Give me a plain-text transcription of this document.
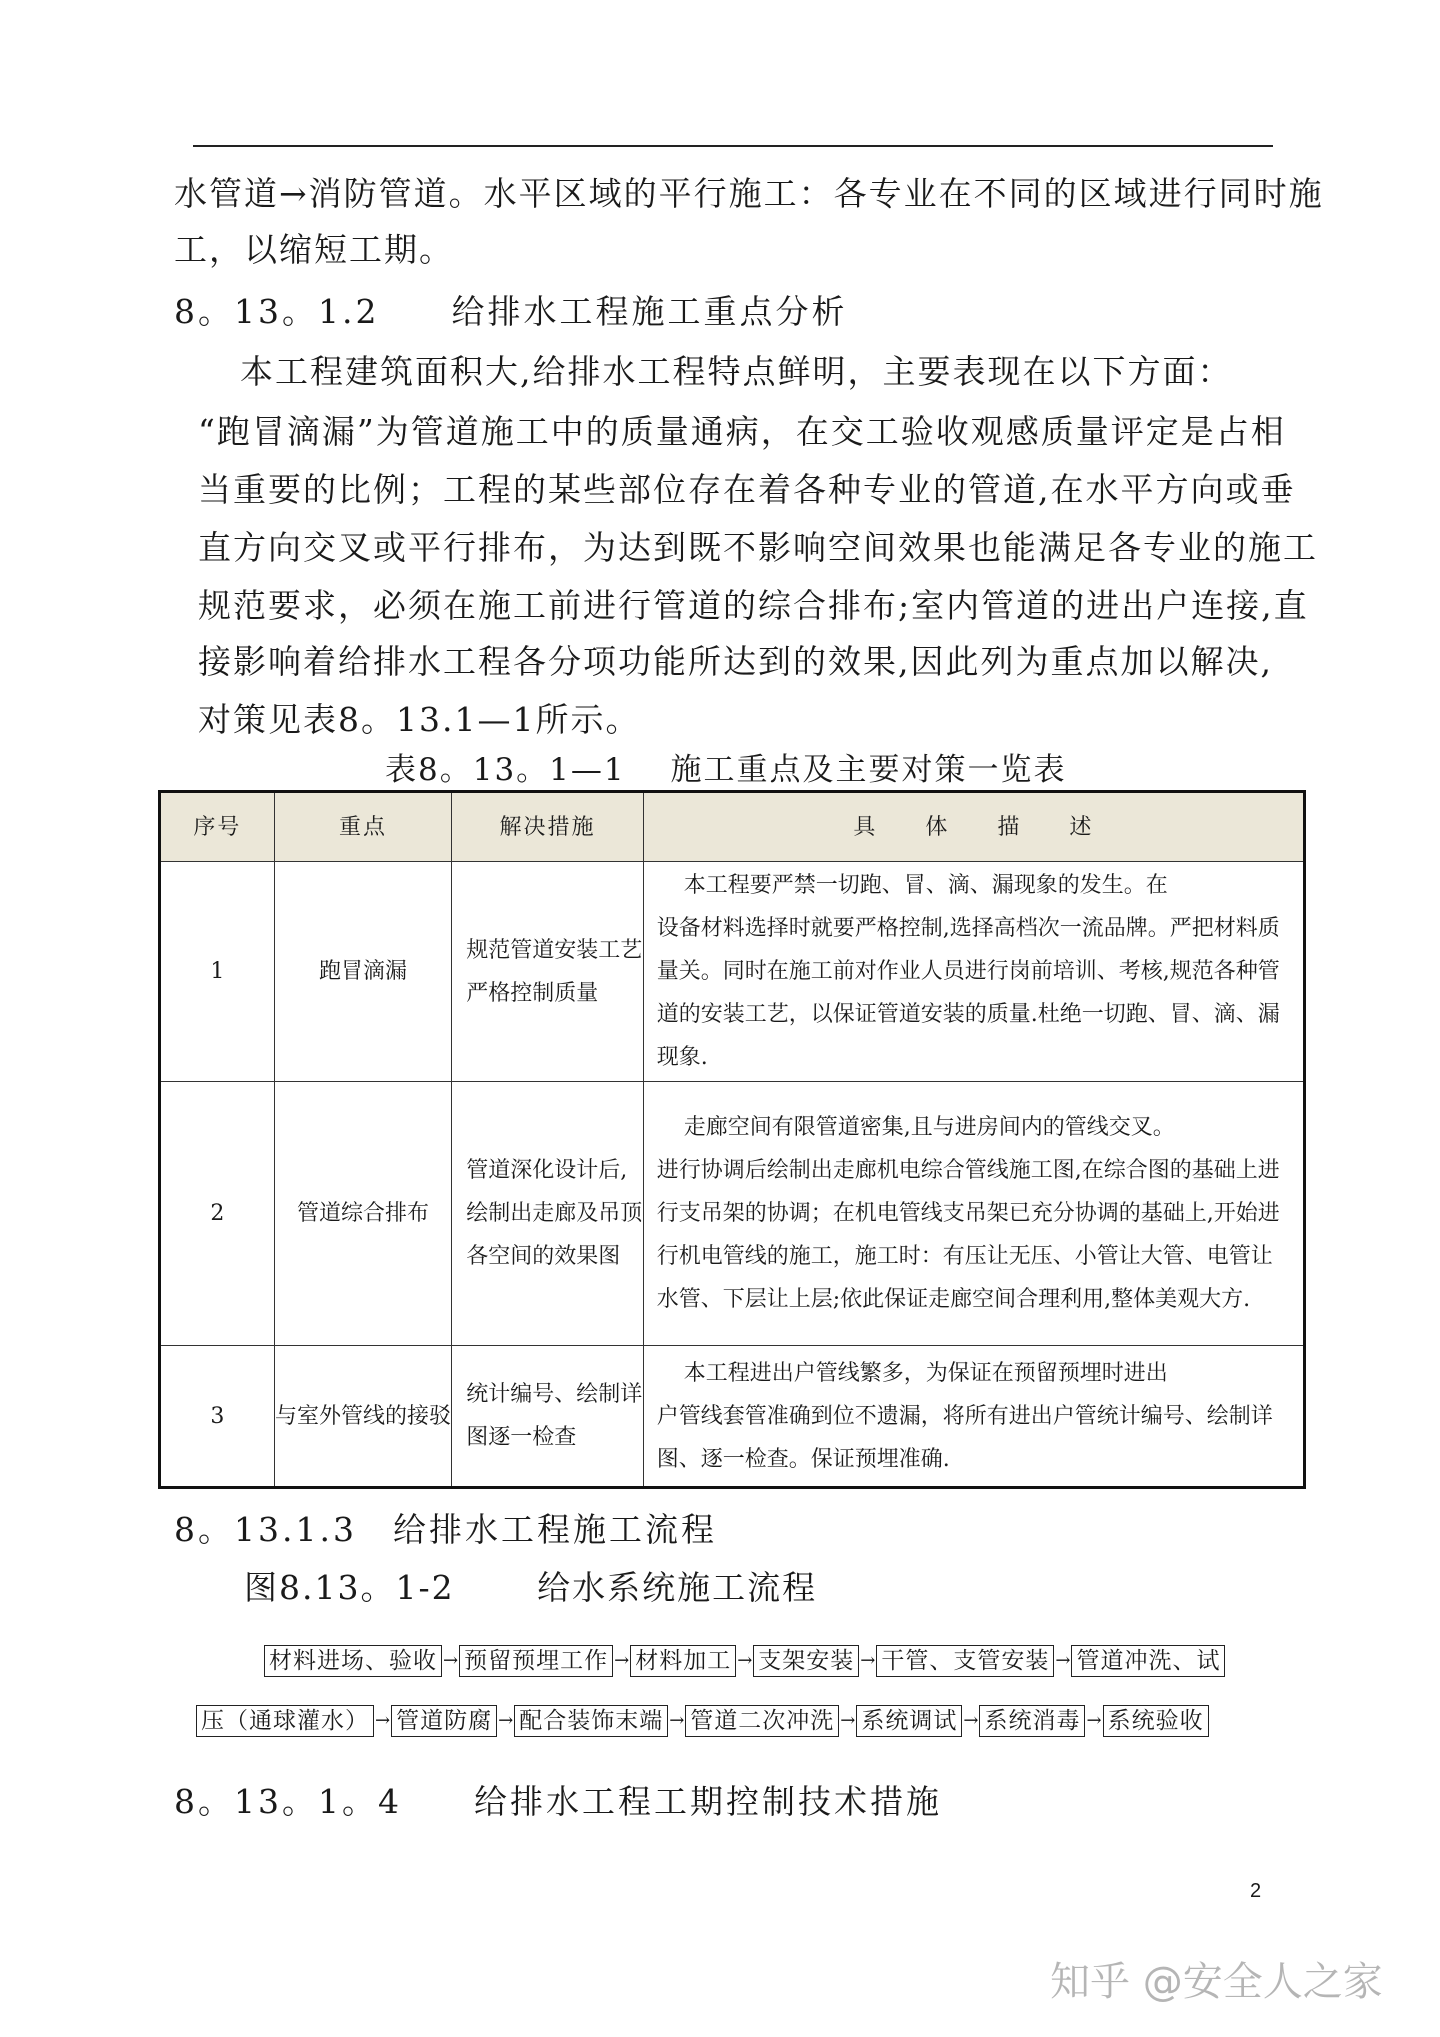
水管道→消防管道。水平区域的平行施工：各专业在不同的区域进行同时施
工，以缩短工期。
8。13。1.2　　给排水工程施工重点分析
本工程建筑面积大,给排水工程特点鲜明，主要表现在以下方面：
“跑冒滴漏”为管道施工中的质量通病，在交工验收观感质量评定是占相
当重要的比例；工程的某些部位存在着各种专业的管道,在水平方向或垂
直方向交叉或平行排布，为达到既不影响空间效果也能满足各专业的施工
规范要求，必须在施工前进行管道的综合排布;室内管道的进出户连接,直
接影响着给排水工程各分项功能所达到的效果,因此列为重点加以解决,
对策见表8。13.1—1所示。
表8。13。1—1　 施工重点及主要对策一览表
序号	重点	解决措施	具　　体　　描　　述
1	跑冒滴漏	规范管道安装工艺严格控制质量	本工程要严禁一切跑、冒、滴、漏现象的发生。在
设备材料选择时就要严格控制,选择高档次一流品牌。严把材料质量关。同时在施工前对作业人员进行岗前培训、考核,规范各种管道的安装工艺，以保证管道安装的质量.杜绝一切跑、冒、滴、漏现象.

2	管道综合排布	管道深化设计后,绘制出走廊及吊顶各空间的效果图	走廊空间有限管道密集,且与进房间内的管线交叉。
进行协调后绘制出走廊机电综合管线施工图,在综合图的基础上进行支吊架的协调；在机电管线支吊架已充分协调的基础上,开始进行机电管线的施工，施工时：有压让无压、小管让大管、电管让水管、下层让上层;依此保证走廊空间合理利用,整体美观大方.

3	与室外管线的接驳	统计编号、绘制详图逐一检查	本工程进出户管线繁多，为保证在预留预埋时进出
户管线套管准确到位不遗漏，将所有进出户管统计编号、绘制详图、逐一检查。保证预埋准确.
8。13.1.3　给排水工程施工流程
图8.13。1-2　　 给水系统施工流程
材料进场、验收 → 预留预埋工作 → 材料加工 → 支架安装 → 干管、支管安装 → 管道冲洗、试
压（通球灌水） → 管道防腐 → 配合装饰末端 → 管道二次冲洗 → 系统调试 → 系统消毒 → 系统验收
8。13。1。4　　给排水工程工期控制技术措施
2
知乎 @安全人之家
